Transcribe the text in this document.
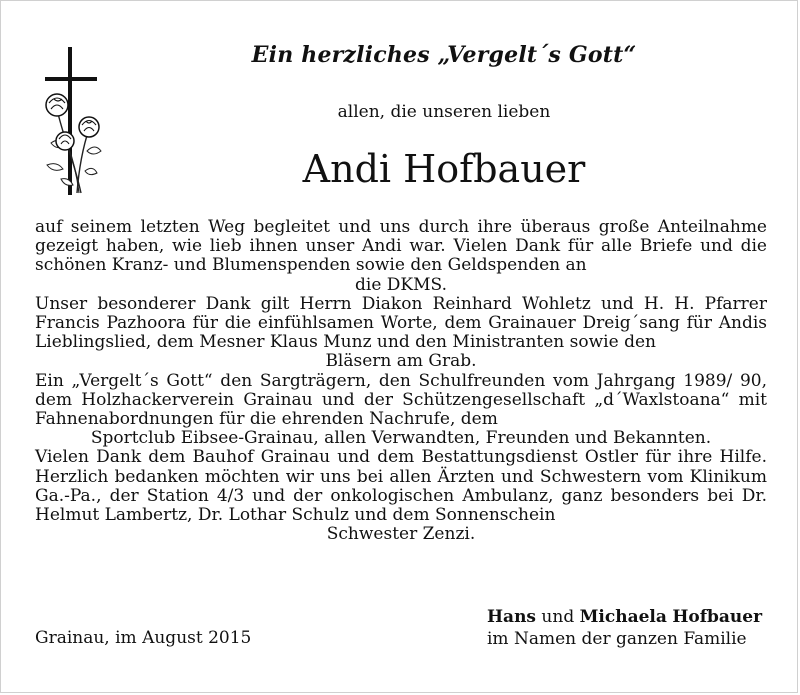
Ein herzliches „Vergelt´s Gott“
allen, die unseren lieben
Andi Hofbauer

auf seinem letzten Weg begleitet und uns durch ihre überaus große Anteilnahme gezeigt haben, wie lieb ihnen unser Andi war. Vielen Dank für alle Briefe und die schönen Kranz- und Blumenspenden sowie den Geldspenden an
die DKMS.

Unser besonderer Dank gilt Herrn Diakon Reinhard Wohletz und H. H. Pfarrer Francis Pazhoora für die einfühlsamen Worte, dem Grainauer Dreig´sang für Andis Lieblingslied, dem Mesner Klaus Munz und den Ministranten sowie den
Bläsern am Grab.

Ein „Vergelt´s Gott“ den Sargträgern, den Schulfreunden vom Jahrgang 1989/ 90, dem Holzhackerverein Grainau und der Schützengesellschaft „d´Waxlstoana“ mit Fahnenabordnungen für die ehrenden Nachrufe, dem
Sportclub Eibsee-Grainau, allen Verwandten, Freunden und Bekannten.

Vielen Dank dem Bauhof Grainau und dem Bestattungsdienst Ostler für ihre Hilfe. Herzlich bedanken möchten wir uns bei allen Ärzten und Schwestern vom Klinikum Ga.-Pa., der Station 4/3 und der onkologischen Ambulanz, ganz besonders bei Dr. Helmut Lambertz, Dr. Lothar Schulz und dem Sonnenschein
Schwester Zenzi.

Hans und Michaela Hofbauer
im Namen der ganzen Familie
Grainau, im August 2015
